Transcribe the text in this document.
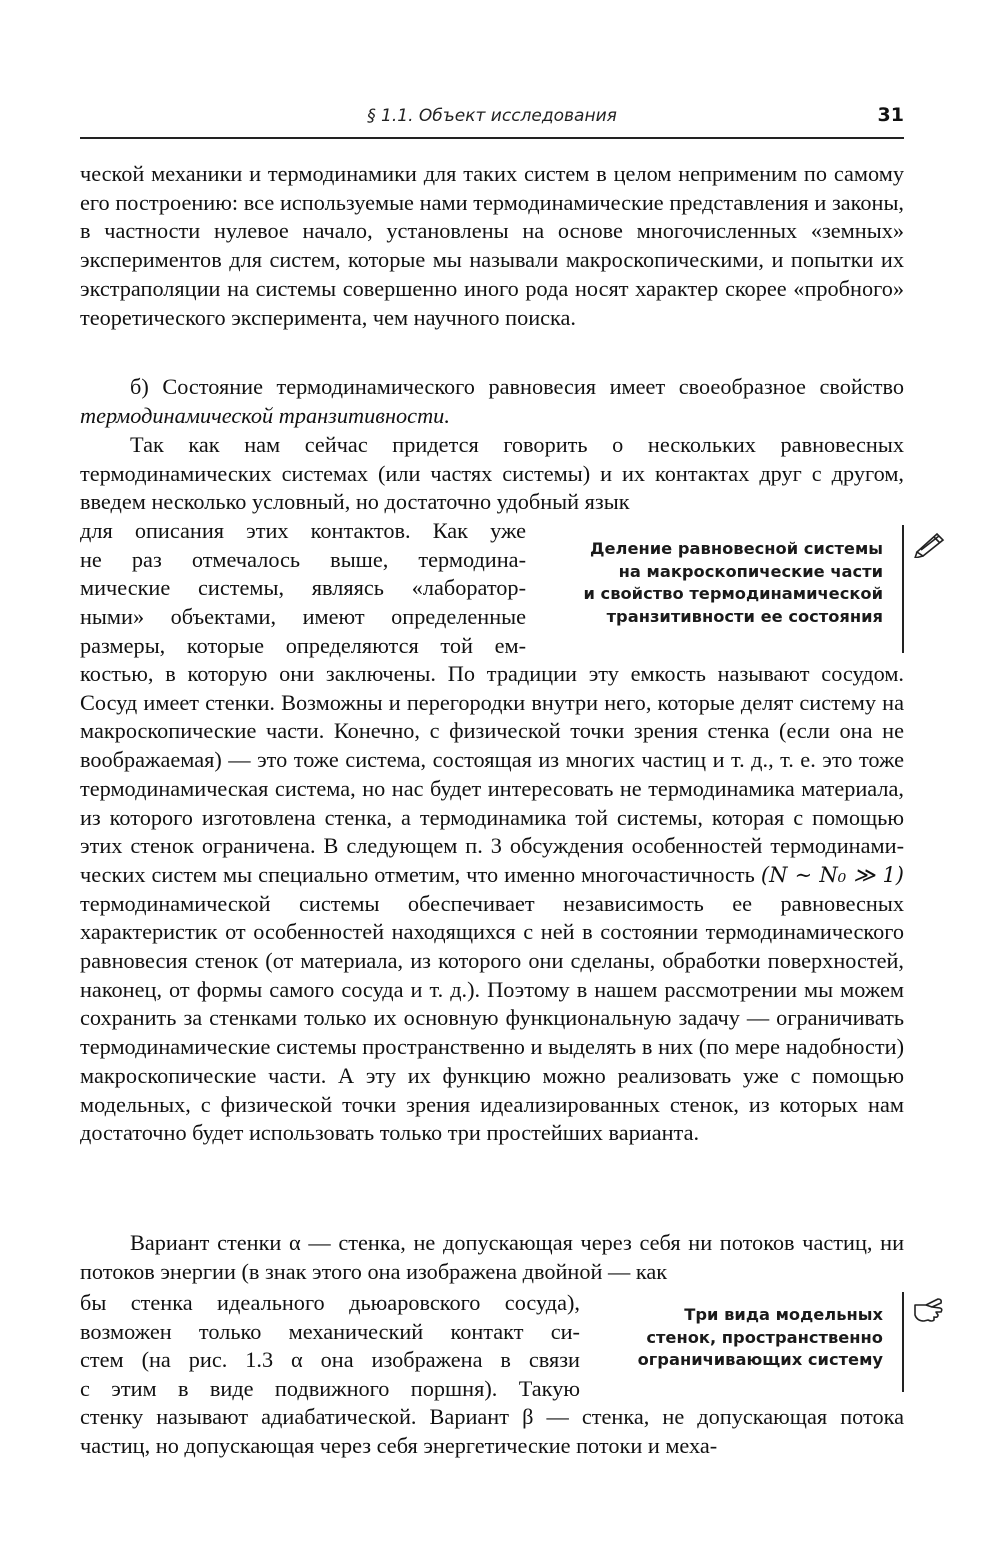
§ 1.1. Объект исследования	31

ческой механики и термодинамики для таких систем в целом неприменим по самому его построению: все используемые нами термодинамические представления и законы, в частности нулевое начало, установлены на основе многочисленных «земных» экспериментов для систем, которые мы называли макроскопическими, и попытки их экстраполяции на системы совершенно иного рода носят характер скорее «пробного» теоретического эксперимента, чем научного поиска.

б) Состояние термодинамического равновесия имеет своеобразное свойство термодинамической транзитивности.

Так как нам сейчас придется говорить о нескольких равновесных термодинамических системах (или частях системы) и их контактах друг с другом, введем несколько условный, но достаточно удобный язык

для описания этих контактов. Как уже
не раз отмечалось выше, термодина-
мические системы, являясь «лаборатор-
ными» объектами, имеют определенные
размеры, которые определяются той ем-
Деление равновесной системы
на макроскопические части
и свойство термодинамической
транзитивности ее состояния

костью, в которую они заключены. По традиции эту емкость называют сосудом. Сосуд имеет стенки. Возможны и перегородки внутри него, которые делят систему на макроскопические части. Конечно, с физической точки зрения стенка (если она не воображаемая) — это тоже система, состоящая из многих частиц и т. д., т. е. это тоже термодинамическая система, но нас будет интересовать не термодинамика материала, из которого изготовлена стенка, а термодинамика той системы, которая с помощью этих стенок ограничена. В следующем п. 3 обсуждения особенностей термодинамических систем мы специально отметим, что именно многочастичность (N ∼ N₀ ≫ 1) термодинамической системы обеспечивает независимость ее равновесных характеристик от особенностей находящихся с ней в состоянии термодинамического равновесия стенок (от материала, из которого они сделаны, обработки поверхностей, наконец, от формы самого сосуда и т. д.). Поэтому в нашем рассмотрении мы можем сохранить за стенками только их основную функциональную задачу — ограничивать термодинамические системы пространственно и выделять в них (по мере надобности) макроскопические части. А эту их функцию можно реализовать уже с помощью модельных, с физической точки зрения идеализированных стенок, из которых нам достаточно будет использовать только три простейших варианта.

Вариант стенки α — стенка, не допускающая через себя ни потоков частиц, ни потоков энергии (в знак этого она изображена двойной — как

бы стенка идеального дьюаровского сосуда),
возможен только механический контакт си-
стем (на рис. 1.3 α она изображена в связи
с этим в виде подвижного поршня). Такую
Три вида модельных
стенок, пространственно
ограничивающих систему

стенку называют адиабатической. Вариант β — стенка, не допускающая потока частиц, но допускающая через себя энергетические потоки и меха-
